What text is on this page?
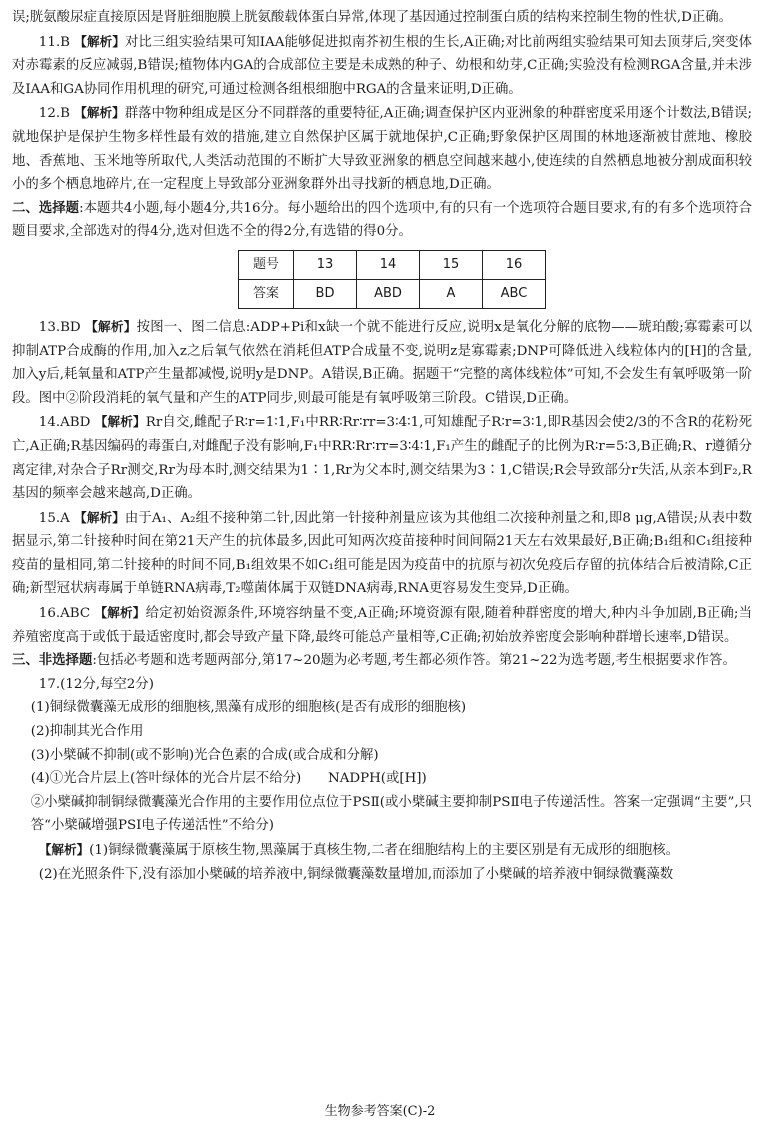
误;胱氨酸尿症直接原因是肾脏细胞膜上胱氨酸载体蛋白异常,体现了基因通过控制蛋白质的结构来控制生物的性状,D正确。

11.B 【解析】对比三组实验结果可知IAA能够促进拟南芥初生根的生长,A正确;对比前两组实验结果可知去顶芽后,突变体对赤霉素的反应减弱,B错误;植物体内GA的合成部位主要是未成熟的种子、幼根和幼芽,C正确;实验没有检测RGA含量,并未涉及IAA和GA协同作用机理的研究,可通过检测各组根细胞中RGA的含量来证明,D正确。

12.B 【解析】群落中物种组成是区分不同群落的重要特征,A正确;调查保护区内亚洲象的种群密度采用逐个计数法,B错误;就地保护是保护生物多样性最有效的措施,建立自然保护区属于就地保护,C正确;野象保护区周围的林地逐渐被甘蔗地、橡胶地、香蕉地、玉米地等所取代,人类活动范围的不断扩大导致亚洲象的栖息空间越来越小,使连续的自然栖息地被分割成面积较小的多个栖息地碎片,在一定程度上导致部分亚洲象群外出寻找新的栖息地,D正确。

二、选择题:本题共4小题,每小题4分,共16分。每小题给出的四个选项中,有的只有一个选项符合题目要求,有的有多个选项符合题目要求,全部选对的得4分,选对但选不全的得2分,有选错的得0分。

题号	13	14	15	16
答案	BD	ABD	A	ABC

13.BD 【解析】按图一、图二信息:ADP+Pi和x缺一个就不能进行反应,说明x是氧化分解的底物——琥珀酸;寡霉素可以抑制ATP合成酶的作用,加入z之后氧气依然在消耗但ATP合成量不变,说明z是寡霉素;DNP可降低进入线粒体内的[H]的含量,加入y后,耗氧量和ATP产生量都减慢,说明y是DNP。A错误,B正确。据题干“完整的离体线粒体”可知,不会发生有氧呼吸第一阶段。图中②阶段消耗的氧气量和产生的ATP同步,则最可能是有氧呼吸第三阶段。C错误,D正确。

14.ABD 【解析】Rr自交,雌配子R∶r=1∶1,F₁中RR∶Rr∶rr=3∶4∶1,可知雄配子R∶r=3∶1,即R基因会使2/3的不含R的花粉死亡,A正确;R基因编码的毒蛋白,对雌配子没有影响,F₁中RR∶Rr∶rr=3∶4∶1,F₁产生的雌配子的比例为R∶r=5∶3,B正确;R、r遵循分离定律,对杂合子Rr测交,Rr为母本时,测交结果为1∶1,Rr为父本时,测交结果为3∶1,C错误;R会导致部分r失活,从亲本到F₂,R基因的频率会越来越高,D正确。

15.A 【解析】由于A₁、A₂组不接种第二针,因此第一针接种剂量应该为其他组二次接种剂量之和,即8 μg,A错误;从表中数据显示,第二针接种时间在第21天产生的抗体最多,因此可知两次疫苗接种时间间隔21天左右效果最好,B正确;B₁组和C₁组接种疫苗的量相同,第二针接种的时间不同,B₁组效果不如C₁组可能是因为疫苗中的抗原与初次免疫后存留的抗体结合后被清除,C正确;新型冠状病毒属于单链RNA病毒,T₂噬菌体属于双链DNA病毒,RNA更容易发生变异,D正确。

16.ABC 【解析】给定初始资源条件,环境容纳量不变,A正确;环境资源有限,随着种群密度的增大,种内斗争加剧,B正确;当养殖密度高于或低于最适密度时,都会导致产量下降,最终可能总产量相等,C正确;初始放养密度会影响种群增长速率,D错误。

三、非选择题:包括必考题和选考题两部分,第17~20题为必考题,考生都必须作答。第21~22为选考题,考生根据要求作答。

17.(12分,每空2分)

(1)铜绿微囊藻无成形的细胞核,黑藻有成形的细胞核(是否有成形的细胞核)

(2)抑制其光合作用

(3)小檗碱不抑制(或不影响)光合色素的合成(或合成和分解)

(4)①光合片层上(答叶绿体的光合片层不给分)   NADPH(或[H])

②小檗碱抑制铜绿微囊藻光合作用的主要作用位点位于PSⅡ(或小檗碱主要抑制PSⅡ电子传递活性。答案一定强调“主要”,只答“小檗碱增强PSⅠ电子传递活性”不给分)

【解析】(1)铜绿微囊藻属于原核生物,黑藻属于真核生物,二者在细胞结构上的主要区别是有无成形的细胞核。

(2)在光照条件下,没有添加小檗碱的培养液中,铜绿微囊藻数量增加,而添加了小檗碱的培养液中铜绿微囊藻数

生物参考答案(C)-2
